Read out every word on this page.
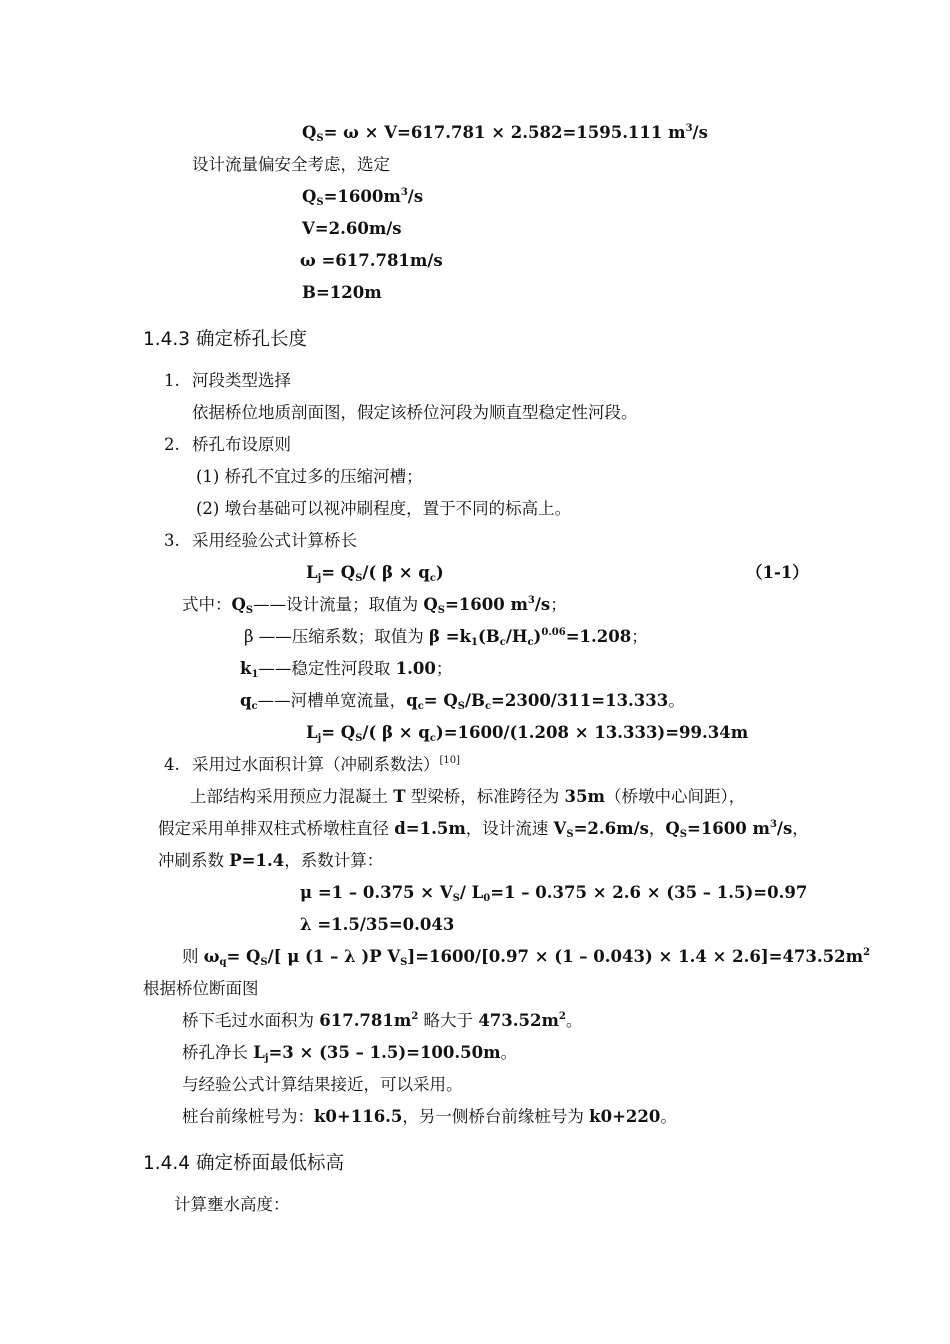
$Q_S= \omega \times V=617.781 \times 2.582=1595.111$ $m^3/s$
设计流量偏安全考虑，选定
$Q_S=1600m^3/s$
V=2.60m/s
ω =617.781m/s
B=120m
1.4.3 确定桥孔长度
1. 河段类型选择
依据桥位地质剖面图，假定该桥位河段为顺直型稳定性河段。
2. 桥孔布设原则
(1) 桥孔不宜过多的压缩河槽；
(2) 墩台基础可以视冲刷程度，置于不同的标高上。
3. 采用经验公式计算桥长
$L_j= Q_S/$( $\beta \times q_c$)	（1-1）
式中：$Q_S——$设计流量；取值为 $Q_S=1600$ $m^3/s$；
β ——压缩系数；取值为 $\beta =k_1(B_c/H_c)^{0.06}=1.208$；
$k_1——$稳定性河段取 1.00；
$q_c——$河槽单宽流量，$q_c= Q_S/B_c=2300/311=13.333$。
$L_j= Q_S/$( $\beta \times q_c)=1600/(1.208 \times 13.333)=99.34m$
4. 采用过水面积计算（冲刷系数法）[10]
上部结构采用预应力混凝土 T 型梁桥，标准跨径为 35m（桥墩中心间距），
假定采用单排双柱式桥墩柱直径 d=1.5m，设计流速 $V_S=2.6m/s$，$Q_S=1600$ $m^3/s$，
冲刷系数 P=1.4，系数计算：
$\mu =1 - 0.375 \times V_S/$ $L_0=1 - 0.375 \times 2.6 \times (35 - 1.5)=0.97$
λ =1.5/35=0.043
则 $\omega_q= Q_S/$[ μ (1 – λ )P $V_S]=1600/[0.97 \times (1 - 0.043) \times 1.4 \times 2.6]=473.52m^2$
根据桥位断面图
桥下毛过水面积为 $617.781m^2$ 略大于 $473.52m^2$。
桥孔净长 $L_j=3 \times (35 - 1.5)=100.50m$。
与经验公式计算结果接近，可以采用。
桩台前缘桩号为：k0+116.5，另一侧桥台前缘桩号为 k0+220。
1.4.4 确定桥面最低标高
计算壅水高度：
